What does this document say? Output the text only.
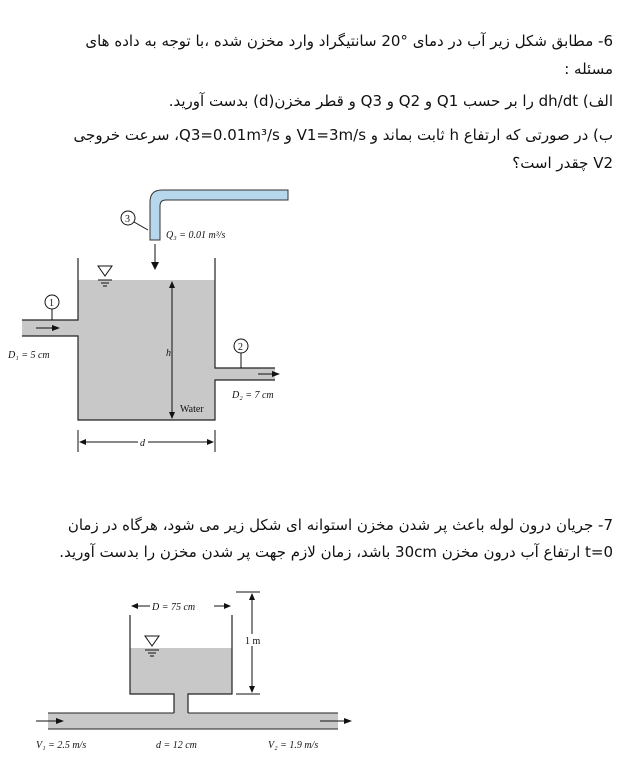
6- مطابق شکل زیر آب در دمای °20 سانتیگراد وارد مخزن شده ،با توجه به داده های
مسئله :
الف) dh/dt را بر حسب Q1 و Q2 و Q3 و قطر مخزن(d) بدست آورید.
ب) در صورتی که ارتفاع h ثابت بماند و V1=3m/s و Q3=0.01m³/s، سرعت خروجی
V2 چقدر است؟
Q₃ = 0.01 m³/s
3
1
D₁ = 5 cm	h
Water
2
D₂ = 7 cm
d
7- جریان درون لوله باعث پر شدن مخزن استوانه ای شکل زیر می شود، هرگاه در زمان
t=0 ارتفاع آب درون مخزن 30cm باشد، زمان لازم جهت پر شدن مخزن را بدست آورید.
D = 75 cm
1 m
V₁ = 2.5 m/s	d = 12 cm	V₂ = 1.9 m/s
